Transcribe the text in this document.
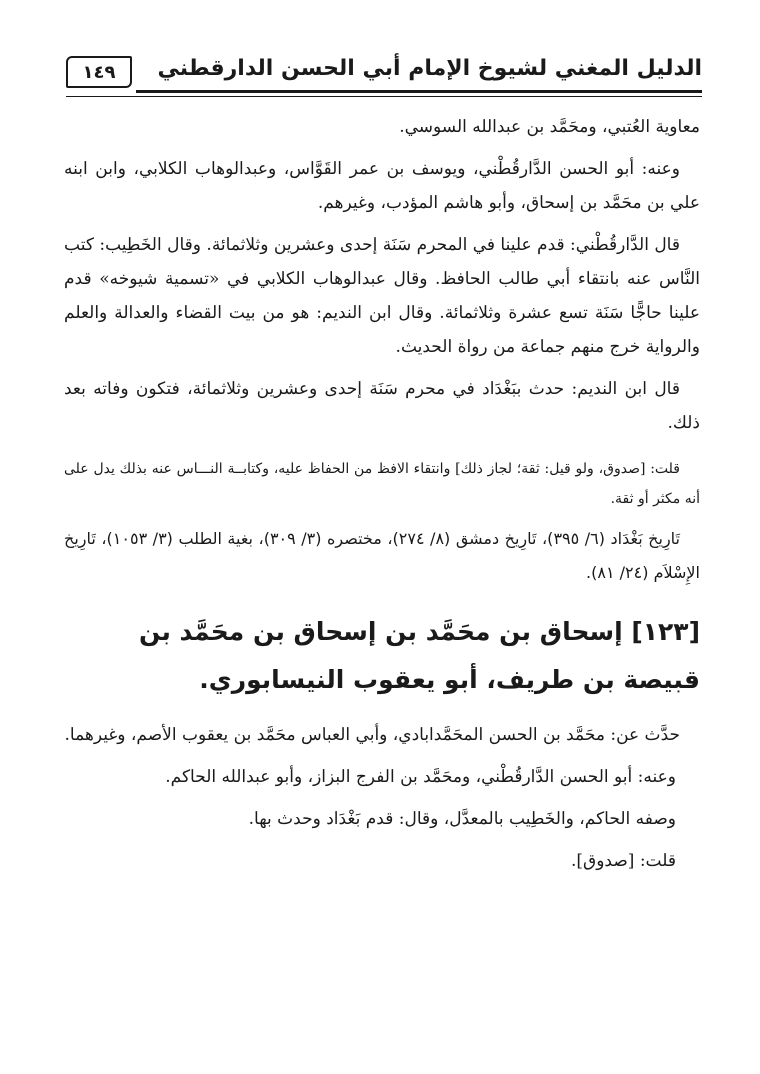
الدليل المغني لشيوخ الإمام أبي الحسن الدارقطني
١٤٩

معاوية العُتبي، ومحَمَّد بن عبدالله السوسي.

وعنه: أبو الحسن الدَّارقُطْني، ويوسف بن عمر القَوَّاس، وعبدالوهاب الكلابي، وابن ابنه علي بن محَمَّد بن إسحاق، وأبو هاشم المؤدب، وغيرهم.

قال الدَّارقُطْني: قدم علينا في المحرم سَنَة إحدى وعشرين وثلاثمائة. وقال الخَطِيب: كتب النَّاس عنه بانتقاء أبي طالب الحافظ. وقال عبدالوهاب الكلابي في «تسمية شيوخه» قدم علينا حاجًّا سَنَة تسع عشرة وثلاثمائة. وقال ابن النديم: هو من بيت القضاء والعدالة والعلم والرواية خرج منهم جماعة من رواة الحديث.

قال ابن النديم: حدث ببَغْدَاد في محرم سَنَة إحدى وعشرين وثلاثمائة، فتكون وفاته بعد ذلك.

قلت: [صدوق، ولو قيل: ثقة؛ لجاز ذلك] وانتقاء الافظ من الحفاظ عليه، وكتابــة النـــاس عنه بذلك يدل على أنه مكثر أو ثقة.

تَارِيخ بَغْدَاد (٦/ ٣٩٥)، تَارِيخ دمشق (٨/ ٢٧٤)، مختصره (٣/ ٣٠٩)، بغية الطلب (٣/ ١٠٥٣)، تَارِيخ الإِسْلاَم (٢٤/ ٨١).

[١٢٣] إسحاق بن محَمَّد بن إسحاق بن محَمَّد بن قبيصة بن طريف، أبو يعقوب النيسابوري.

حدَّث عن: محَمَّد بن الحسن المحَمَّدابادي، وأبي العباس محَمَّد بن يعقوب الأصم، وغيرهما.

وعنه: أبو الحسن الدَّارقُطْني، ومحَمَّد بن الفرج البزاز، وأبو عبدالله الحاكم.

وصفه الحاكم، والخَطِيب بالمعدَّل، وقال: قدم بَغْدَاد وحدث بها.

قلت: [صدوق].
